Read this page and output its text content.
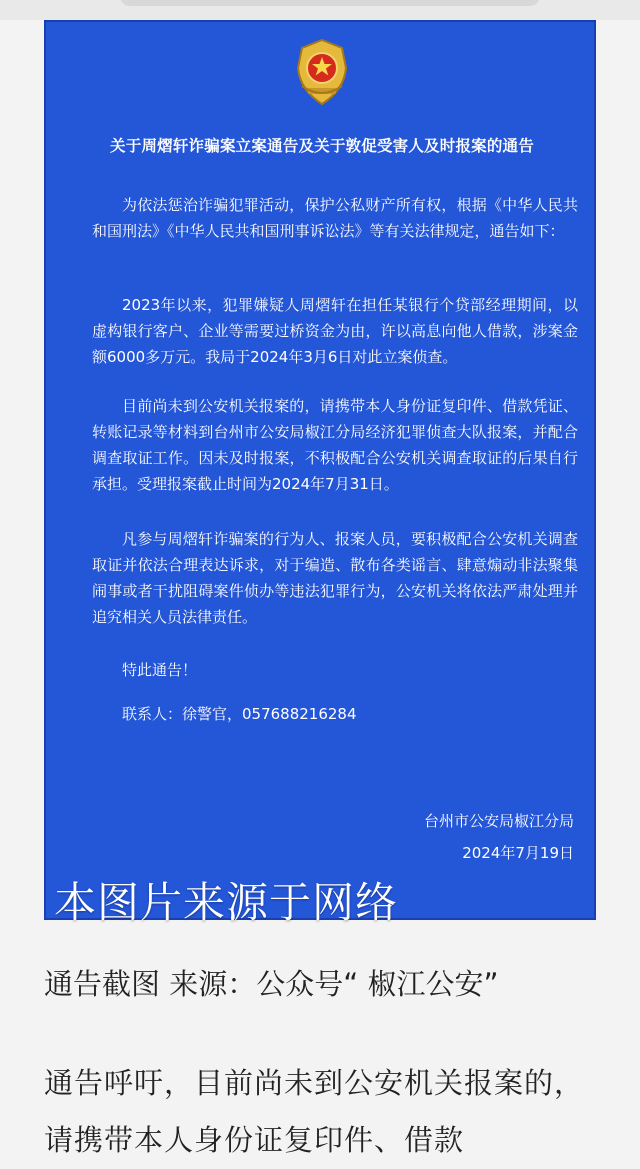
关于周熠轩诈骗案立案通告及关于敦促受害人及时报案的通告
为依法惩治诈骗犯罪活动，保护公私财产所有权，根据《中华人民共和国刑法》《中华人民共和国刑事诉讼法》等有关法律规定，通告如下：
2023年以来，犯罪嫌疑人周熠轩在担任某银行个贷部经理期间，以虚构银行客户、企业等需要过桥资金为由，许以高息向他人借款，涉案金额6000多万元。我局于2024年3月6日对此立案侦查。
目前尚未到公安机关报案的，请携带本人身份证复印件、借款凭证、转账记录等材料到台州市公安局椒江分局经济犯罪侦查大队报案，并配合调查取证工作。因未及时报案，不积极配合公安机关调查取证的后果自行承担。受理报案截止时间为2024年7月31日。
凡参与周熠轩诈骗案的行为人、报案人员，要积极配合公安机关调查取证并依法合理表达诉求，对于编造、散布各类谣言、肆意煽动非法聚集闹事或者干扰阻碍案件侦办等违法犯罪行为，公安机关将依法严肃处理并追究相关人员法律责任。
特此通告！
联系人：徐警官，057688216284
台州市公安局椒江分局
2024年7月19日
本图片来源于网络
通告截图 来源：公众号“ 椒江公安”
通告呼吁，目前尚未到公安机关报案的，请携带本人身份证复印件、借款
